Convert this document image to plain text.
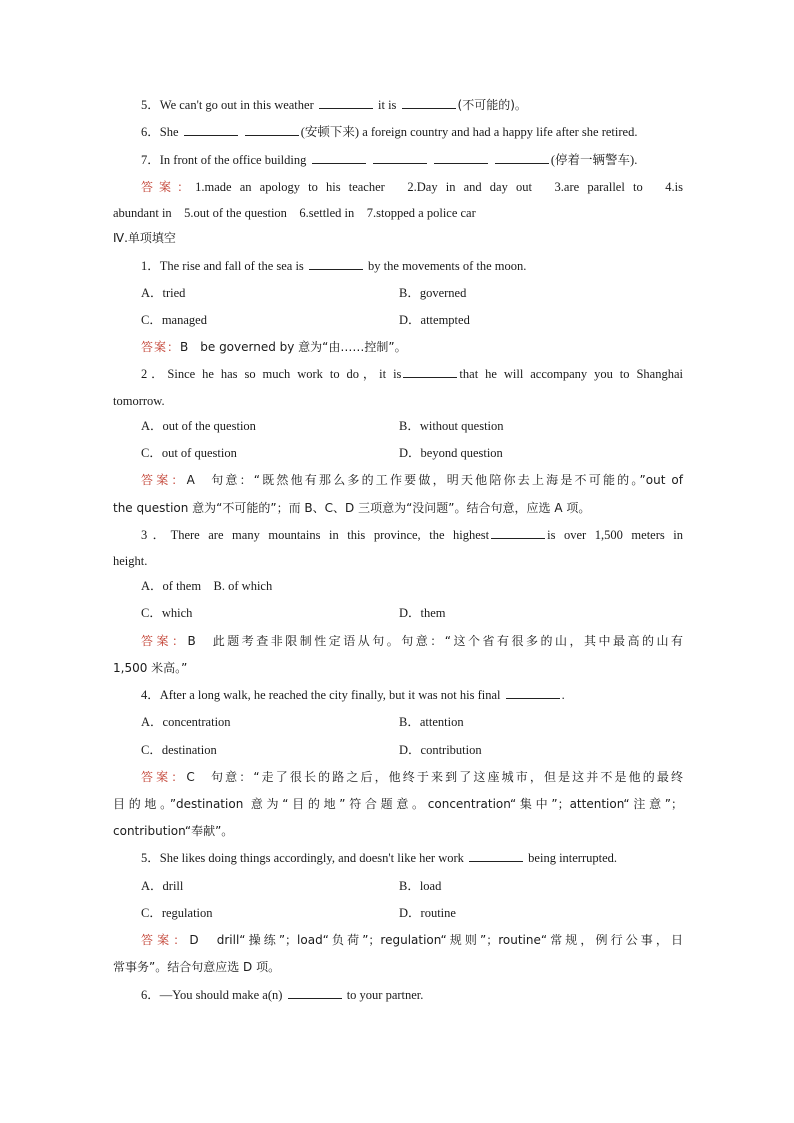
5．We can't go out in this weather	it is	(不可能的)。
6．She	(安顿下来) a foreign country and had a happy life after she retired.
7．In front of the office building	(停着一辆警车).
答案：1.made an apology to his teacher　2.Day in and day out　3.are parallel to　4.is
abundant in　5.out of the question　6.settled in　7.stopped a police car
Ⅳ.单项填空
1．The rise and fall of the sea is	by the movements of the moon.
A．tried	B．governed
C．managed	D．attempted
答案：B　be governed by 意为“由……控制”。
2．Since he has so much work to do，it is	that he will accompany you to Shanghai
tomorrow.
A．out of the question	B．without question
C．out of question	D．beyond question
答案：A　句意：“既然他有那么多的工作要做，明天他陪你去上海是不可能的。”out of
the question 意为“不可能的”；而 B、C、D 三项意为“没问题”。结合句意，应选 A 项。
3．There are many mountains in this province, the highest	is over 1,500 meters in
height.
A．of them　B. of which
C．which	D．them
答案：B　此题考查非限制性定语从句。句意：“这个省有很多的山，其中最高的山有
1,500 米高。”
4．After a long walk, he reached the city finally, but it was not his final	.
A．concentration	B．attention
C．destination	D．contribution
答案：C　句意：“走了很长的路之后，他终于来到了这座城市，但是这并不是他的最终
目的地。”destination 意为“目的地”符合题意。concentration“集中”；attention“注意”；
contribution“奉献”。
5．She likes doing things accordingly, and doesn't like her work	being interrupted.
A．drill	B．load
C．regulation	D．routine
答案：D　drill“操练”；load“负荷”；regulation“规则”；routine“常规，例行公事，日
常事务”。结合句意应选 D 项。
6．—You should make a(n)	to your partner.
